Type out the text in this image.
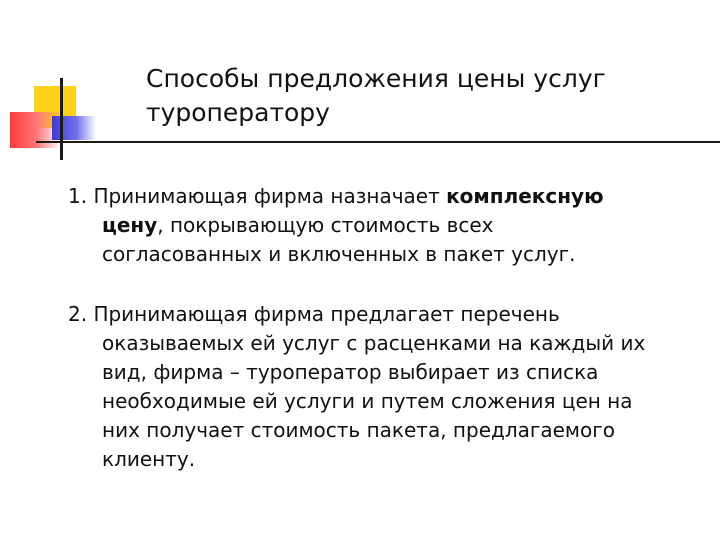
Способы предложения цены услуг
туроператору
1. Принимающая фирма назначает комплексную
цену, покрывающую стоимость всех
согласованных и включенных в пакет услуг.
2. Принимающая фирма предлагает перечень
оказываемых ей услуг с расценками на каждый их
вид, фирма – туроператор выбирает из списка
необходимые ей услуги и путем сложения цен на
них получает стоимость пакета, предлагаемого
клиенту.
